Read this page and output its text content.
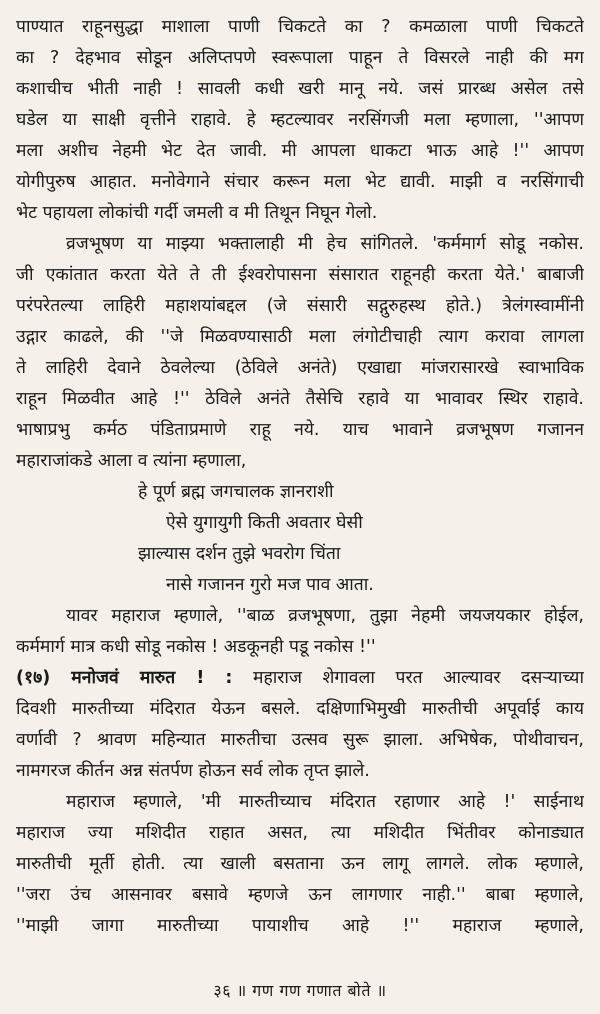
पाण्यात राहूनसुद्धा माशाला पाणी चिकटते का ? कमळाला पाणी चिकटते
का ? देहभाव सोडून अलिप्तपणे स्वरूपाला पाहून ते विसरले नाही की मग
कशाचीच भीती नाही ! सावली कधी खरी मानू नये. जसं प्रारब्ध असेल तसे
घडेल या साक्षी वृत्तीने राहावे. हे म्हटल्यावर नरसिंगजी मला म्हणाला, ''आपण
मला अशीच नेहमी भेट देत जावी. मी आपला धाकटा भाऊ आहे !'' आपण
योगीपुरुष आहात. मनोवेगाने संचार करून मला भेट द्यावी. माझी व नरसिंगाची
भेट पहायला लोकांची गर्दी जमली व मी तिथून निघून गेलो.
व्रजभूषण या माझ्या भक्तालाही मी हेच सांगितले. 'कर्ममार्ग सोडू नकोस.
जी एकांतात करता येते ते ती ईश्वरोपासना संसारात राहूनही करता येते.' बाबाजी
परंपरेतल्या लाहिरी महाशयांबद्दल (जे संसारी सद्गुरुहस्थ होते.) त्रेलंगस्वामींनी
उद्गार काढले, की ''जे मिळवण्यासाठी मला लंगोटीचाही त्याग करावा लागला
ते लाहिरी देवाने ठेवलेल्या (ठेविले अनंते) एखाद्या मांजरासारखे स्वाभाविक
राहून मिळवीत आहे !'' ठेविले अनंते तैसेचि रहावे या भावावर स्थिर राहावे.
भाषाप्रभु कर्मठ पंडिताप्रमाणे राहू नये. याच भावाने व्रजभूषण गजानन
महाराजांकडे आला व त्यांना म्हणाला,
हे पूर्ण ब्रह्म जगचालक ज्ञानराशी
ऐसे युगायुगी किती अवतार घेसी
झाल्यास दर्शन तुझे भवरोग चिंता
नासे गजानन गुरो मज पाव आता.
यावर महाराज म्हणाले, ''बाळ व्रजभूषणा, तुझा नेहमी जयजयकार होईल,
कर्ममार्ग मात्र कधी सोडू नकोस ! अडकूनही पडू नकोस !''
(१७) मनोजवं मारुत ! : महाराज शेगावला परत आल्यावर दसऱ्याच्या
दिवशी मारुतीच्या मंदिरात येऊन बसले. दक्षिणाभिमुखी मारुतीची अपूर्वाई काय
वर्णावी ? श्रावण महिन्यात मारुतीचा उत्सव सुरू झाला. अभिषेक, पोथीवाचन,
नामगरज कीर्तन अन्न संतर्पण होऊन सर्व लोक तृप्त झाले.
महाराज म्हणाले, 'मी मारुतीच्याच मंदिरात रहाणार आहे !' साईनाथ
महाराज ज्या मशिदीत राहात असत, त्या मशिदीत भिंतीवर कोनाड्यात
मारुतीची मूर्ती होती. त्या खाली बसताना ऊन लागू लागले. लोक म्हणाले,
''जरा उंच आसनावर बसावे म्हणजे ऊन लागणार नाही.'' बाबा म्हणाले,
''माझी जागा मारुतीच्या पायाशीच आहे !'' महाराज म्हणाले,
३६ ॥ गण गण गणात बोते ॥
